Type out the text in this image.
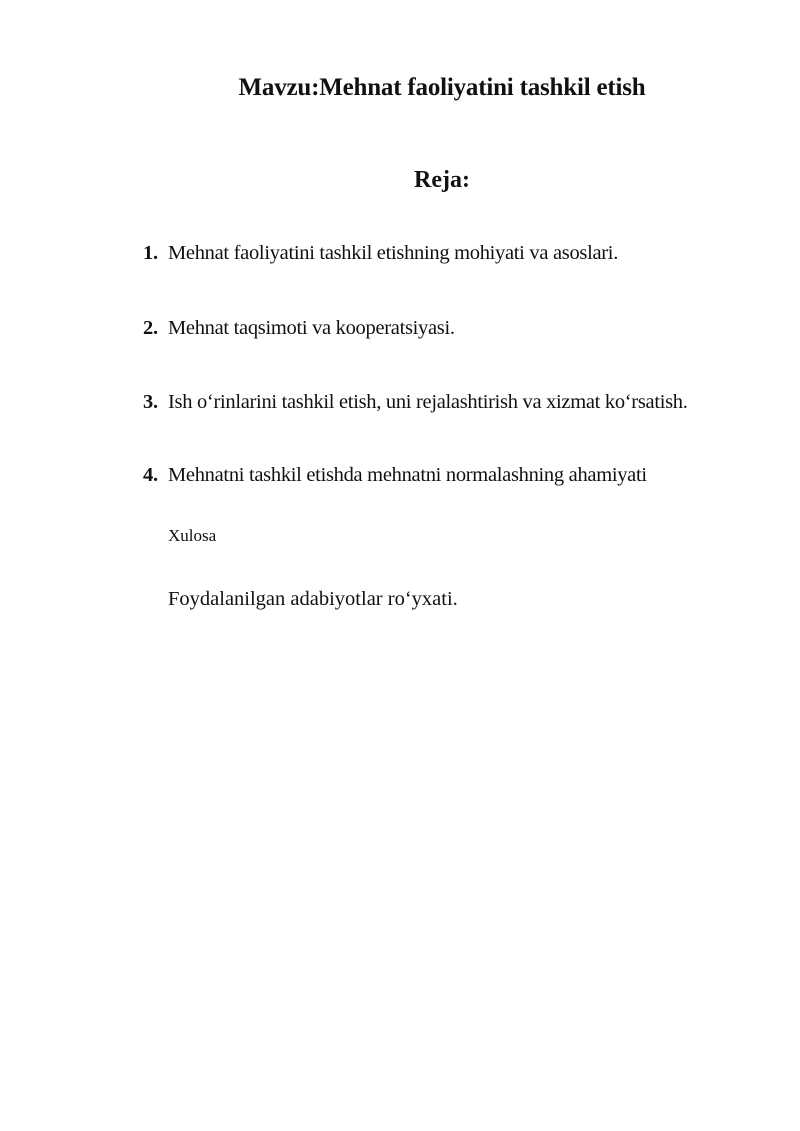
Mavzu:Mehnat faoliyatini tashkil etish
Reja:
1. Mehnat faoliyatini tashkil etishning mohiyati va asoslari.
2. Mehnat taqsimoti va kooperatsiyasi.
3. Ish o‘rinlarini tashkil etish, uni rejalashtirish va xizmat ko‘rsatish.
4. Mehnatni tashkil etishda mehnatni normalashning ahamiyati
Xulosa
Foydalanilgan adabiyotlar ro‘yxati.
